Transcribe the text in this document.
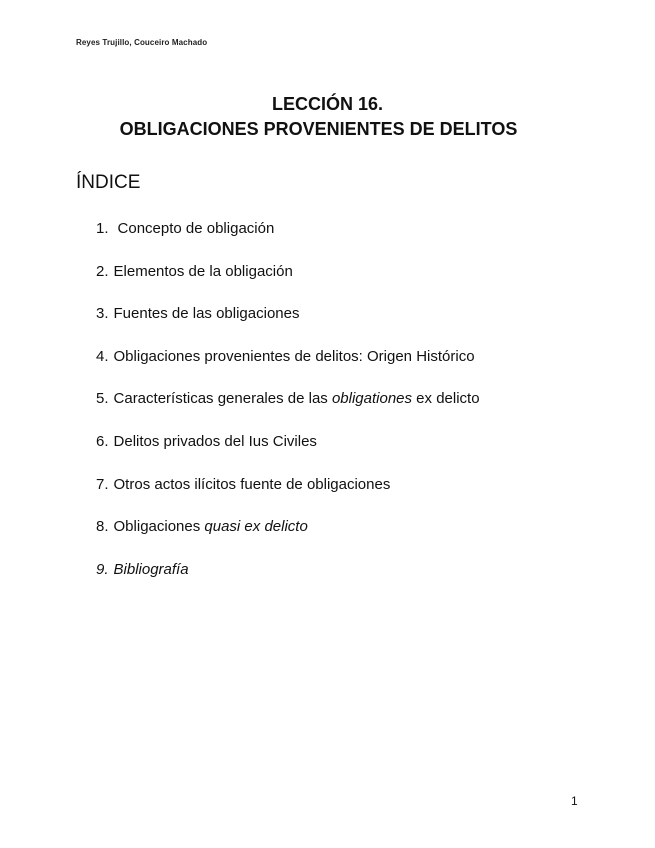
Reyes Trujillo, Couceiro Machado
LECCIÓN 16.
OBLIGACIONES PROVENIENTES DE DELITOS
ÍNDICE
1. Concepto de obligación
2. Elementos de la obligación
3. Fuentes de las obligaciones
4. Obligaciones provenientes de delitos: Origen Histórico
5. Características generales de las obligationes ex delicto
6. Delitos privados del Ius Civiles
7. Otros actos ilícitos fuente de obligaciones
8. Obligaciones quasi ex delicto
9. Bibliografía
1
